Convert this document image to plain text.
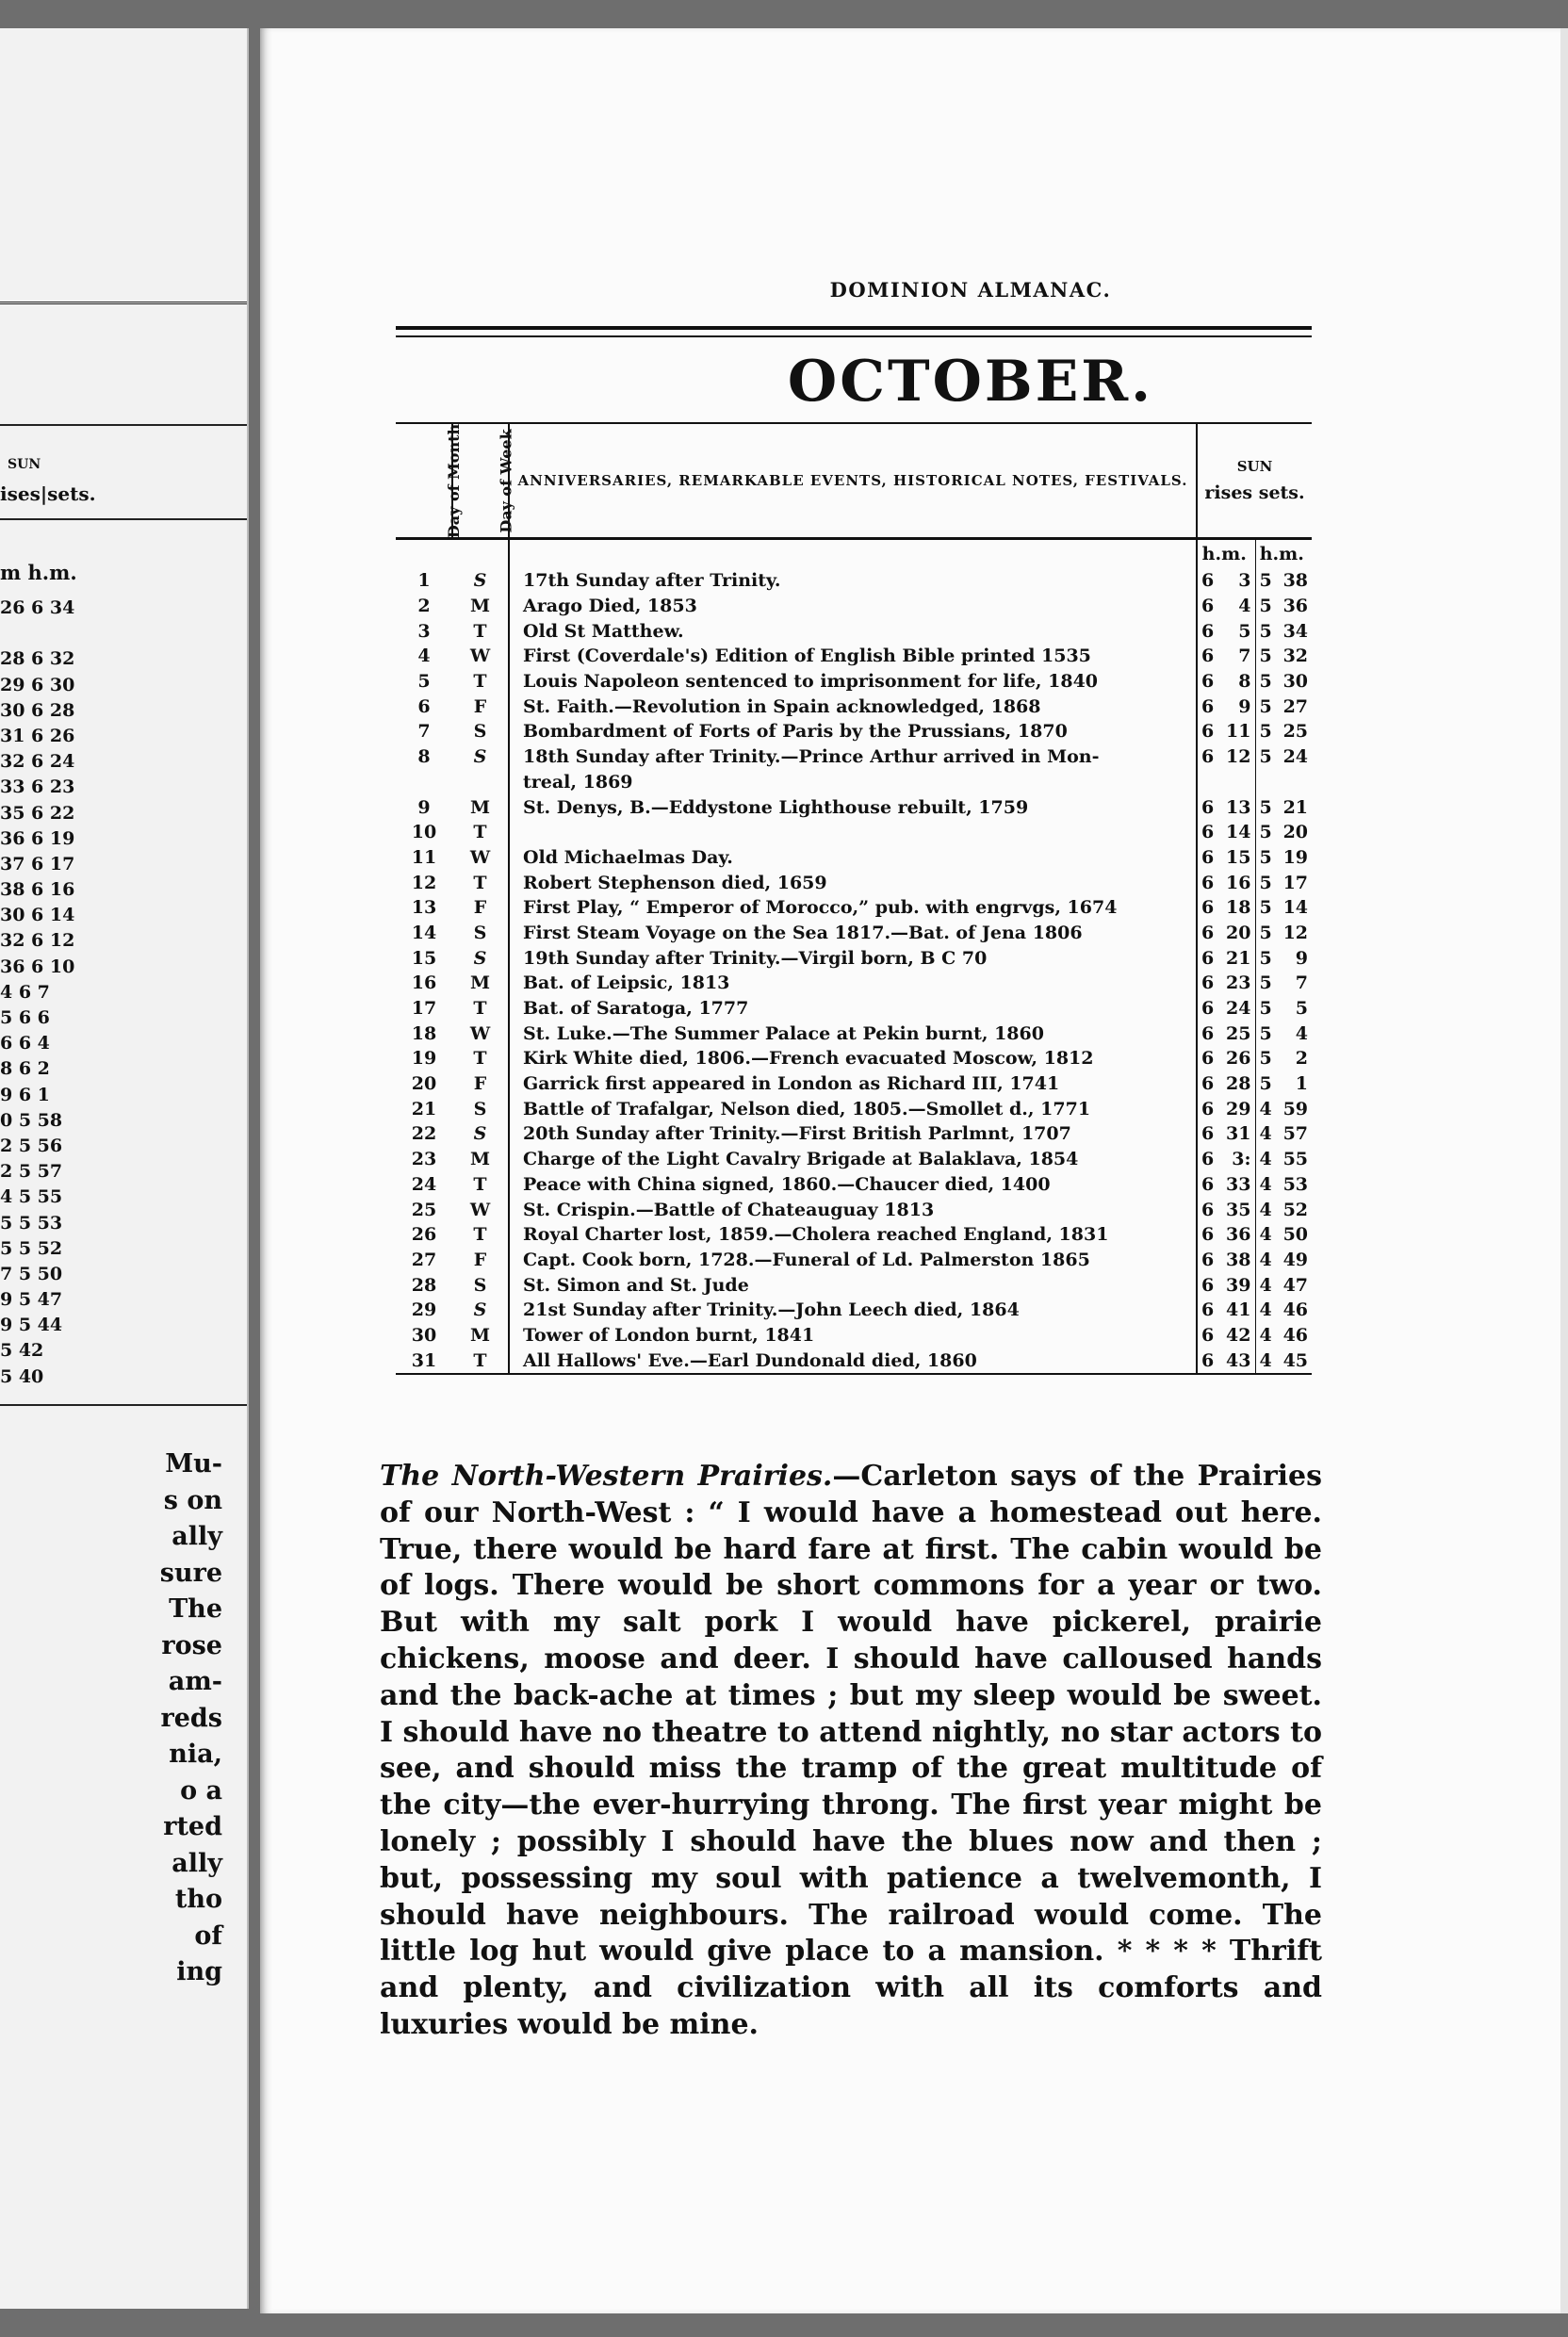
SUN
ises|sets.
m h.m.
26 6 34
28 6 32
29 6 30
30 6 28
31 6 26
32 6 24
33 6 23
35 6 22
36 6 19
37 6 17
38 6 16
30 6 14
32 6 12
36 6 10
4 6 7
5 6 6
6 6 4
8 6 2
9 6 1
0 5 58
2 5 56
2 5 57
4 5 55
5 5 53
5 5 52
7 5 50
9 5 47
9 5 44
5 42
5 40
Mu-
s on
ally
sure
The
rose
am-
reds
nia,
o a
rted
ally
tho
of
ing
DOMINION ALMANAC.
OCTOBER.
Day of Month	Day of Week	ANNIVERSARIES, REMARKABLE EVENTS, HISTORICAL NOTES, FESTIVALS.	SUN
rises sets.			

			h.m.		h.m.	
1	S	17th Sunday after Trinity.	6	3	5	38
2	M	Arago Died, 1853	6	4	5	36
3	T	Old St Matthew.	6	5	5	34
4	W	First (Coverdale's) Edition of English Bible printed 1535	6	7	5	32
5	T	Louis Napoleon sentenced to imprisonment for life, 1840	6	8	5	30
6	F	St. Faith.—Revolution in Spain acknowledged, 1868	6	9	5	27
7	S	Bombardment of Forts of Paris by the Prussians, 1870	6	11	5	25
8	S	18th Sunday after Trinity.—Prince Arthur arrived in Mon-	6	12	5	24
		treal, 1869				
9	M	St. Denys, B.—Eddystone Lighthouse rebuilt, 1759	6	13	5	21
10	T		6	14	5	20
11	W	Old Michaelmas Day.	6	15	5	19
12	T	Robert Stephenson died, 1659	6	16	5	17
13	F	First Play, “ Emperor of Morocco,” pub. with engrvgs, 1674	6	18	5	14
14	S	First Steam Voyage on the Sea 1817.—Bat. of Jena 1806	6	20	5	12
15	S	19th Sunday after Trinity.—Virgil born, B C 70	6	21	5	9
16	M	Bat. of Leipsic, 1813	6	23	5	7
17	T	Bat. of Saratoga, 1777	6	24	5	5
18	W	St. Luke.—The Summer Palace at Pekin burnt, 1860	6	25	5	4
19	T	Kirk White died, 1806.—French evacuated Moscow, 1812	6	26	5	2
20	F	Garrick first appeared in London as Richard III, 1741	6	28	5	1
21	S	Battle of Trafalgar, Nelson died, 1805.—Smollet d., 1771	6	29	4	59
22	S	20th Sunday after Trinity.—First British Parlmnt, 1707	6	31	4	57
23	M	Charge of the Light Cavalry Brigade at Balaklava, 1854	6	3:	4	55
24	T	Peace with China signed, 1860.—Chaucer died, 1400	6	33	4	53
25	W	St. Crispin.—Battle of Chateauguay 1813	6	35	4	52
26	T	Royal Charter lost, 1859.—Cholera reached England, 1831	6	36	4	50
27	F	Capt. Cook born, 1728.—Funeral of Ld. Palmerston 1865	6	38	4	49
28	S	St. Simon and St. Jude	6	39	4	47
29	S	21st Sunday after Trinity.—John Leech died, 1864	6	41	4	46
30	M	Tower of London burnt, 1841	6	42	4	46
31	T	All Hallows' Eve.—Earl Dundonald died, 1860	6	43	4	45
The North-Western Prairies.—Carleton says of the Prairies of our North-West : “ I would have a homestead out here. True, there would be hard fare at first. The cabin would be of logs. There would be short commons for a year or two. But with my salt pork I would have pickerel, prairie chickens, moose and deer. I should have calloused hands and the back-ache at times ; but my sleep would be sweet. I should have no theatre to attend nightly, no star actors to see, and should miss the tramp of the great multitude of the city—the ever-hurrying throng. The first year might be lonely ; possibly I should have the blues now and then ; but, possessing my soul with patience a twelvemonth, I should have neighbours. The railroad would come. The little log hut would give place to a mansion. * * * * Thrift and plenty, and civilization with all its comforts and luxuries would be mine.
